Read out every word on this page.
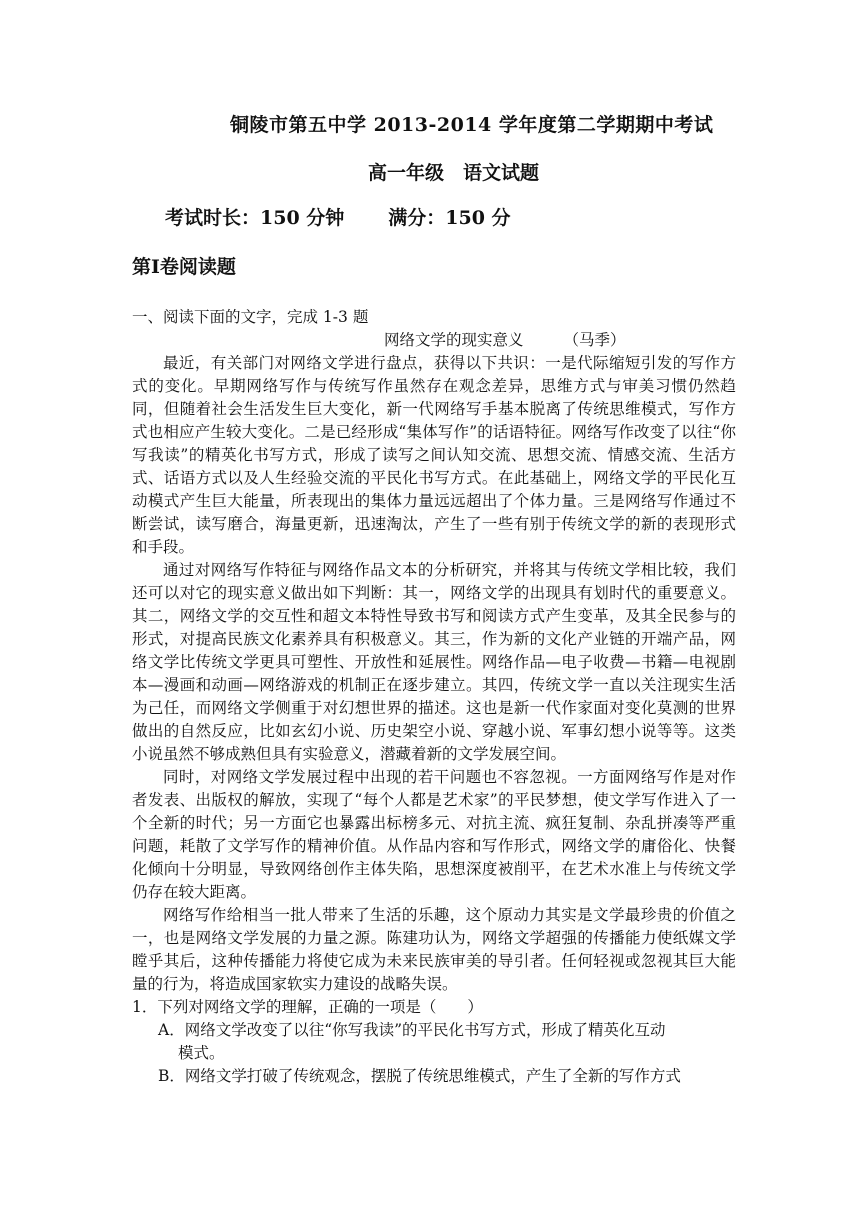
铜陵市第五中学 2013-2014 学年度第二学期期中考试
高一年级　语文试题
考试时长：150 分钟 满分：150 分
第Ⅰ卷阅读题

一、阅读下面的文字，完成 1-3 题

网络文学的现实意义	（马季）

最近，有关部门对网络文学进行盘点，获得以下共识：一是代际缩短引发的写作方式的变化。早期网络写作与传统写作虽然存在观念差异，思维方式与审美习惯仍然趋同，但随着社会生活发生巨大变化，新一代网络写手基本脱离了传统思维模式，写作方式也相应产生较大变化。二是已经形成“集体写作”的话语特征。网络写作改变了以往“你写我读”的精英化书写方式，形成了读写之间认知交流、思想交流、情感交流、生活方式、话语方式以及人生经验交流的平民化书写方式。在此基础上，网络文学的平民化互动模式产生巨大能量，所表现出的集体力量远远超出了个体力量。三是网络写作通过不断尝试，读写磨合，海量更新，迅速淘汰，产生了一些有别于传统文学的新的表现形式和手段。

通过对网络写作特征与网络作品文本的分析研究，并将其与传统文学相比较，我们还可以对它的现实意义做出如下判断：其一，网络文学的出现具有划时代的重要意义。其二，网络文学的交互性和超文本特性导致书写和阅读方式产生变革，及其全民参与的形式，对提高民族文化素养具有积极意义。其三，作为新的文化产业链的开端产品，网络文学比传统文学更具可塑性、开放性和延展性。网络作品—电子收费—书籍—电视剧本—漫画和动画—网络游戏的机制正在逐步建立。其四，传统文学一直以关注现实生活为己任，而网络文学侧重于对幻想世界的描述。这也是新一代作家面对变化莫测的世界做出的自然反应，比如玄幻小说、历史架空小说、穿越小说、军事幻想小说等等。这类小说虽然不够成熟但具有实验意义，潜藏着新的文学发展空间。

同时，对网络文学发展过程中出现的若干问题也不容忽视。一方面网络写作是对作者发表、出版权的解放，实现了“每个人都是艺术家”的平民梦想，使文学写作进入了一个全新的时代；另一方面它也暴露出标榜多元、对抗主流、疯狂复制、杂乱拼凑等严重问题，耗散了文学写作的精神价值。从作品内容和写作形式，网络文学的庸俗化、快餐化倾向十分明显，导致网络创作主体失陷，思想深度被削平，在艺术水准上与传统文学仍存在较大距离。

网络写作给相当一批人带来了生活的乐趣，这个原动力其实是文学最珍贵的价值之一，也是网络文学发展的力量之源。陈建功认为，网络文学超强的传播能力使纸媒文学瞠乎其后，这种传播能力将使它成为未来民族审美的导引者。任何轻视或忽视其巨大能量的行为，将造成国家软实力建设的战略失误。

1．下列对网络文学的理解，正确的一项是（　　）

A．网络文学改变了以往“你写我读”的平民化书写方式，形成了精英化互动
模式。

B．网络文学打破了传统观念，摆脱了传统思维模式，产生了全新的写作方式
